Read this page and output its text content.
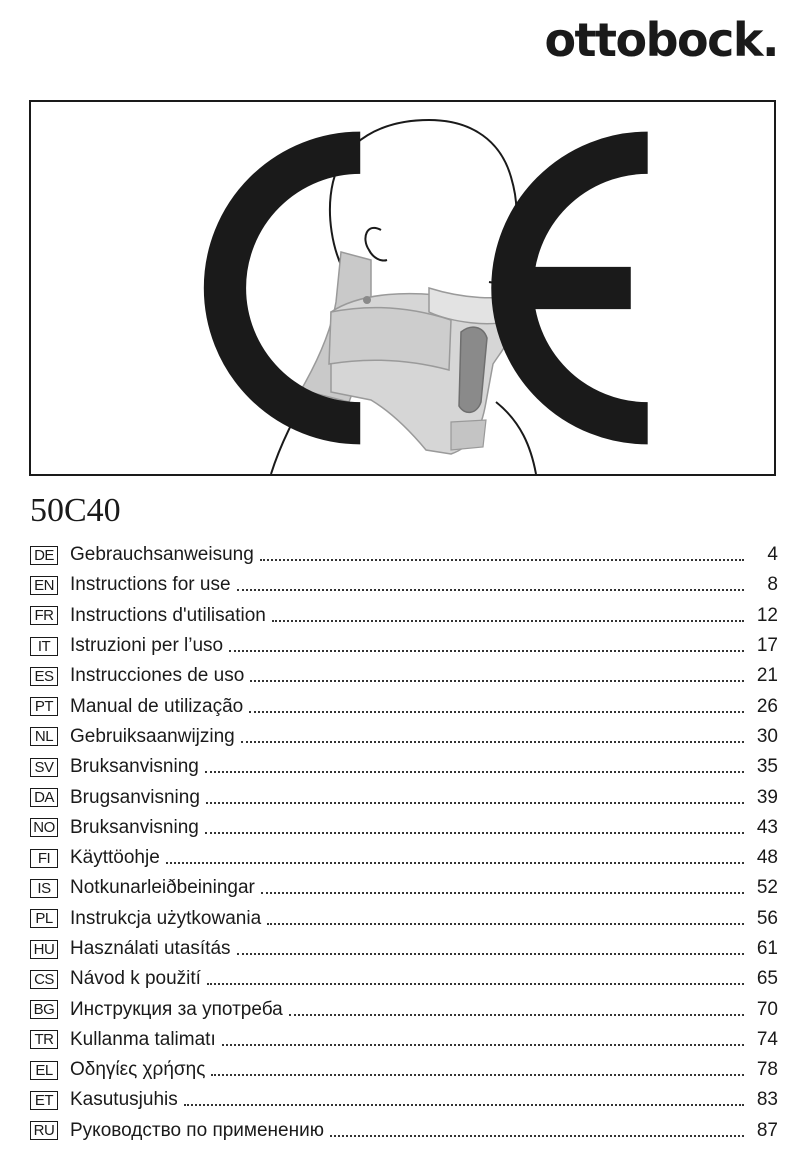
ottobock.
50C40
DE Gebrauchsanweisung	4
EN Instructions for use	8
FR Instructions d'utilisation	12
IT	Istruzioni per l’uso	17
ES Instrucciones de uso	21
PT Manual de utilização	26
NL Gebruiksaanwijzing	30
SV Bruksanvisning	35
DA Brugsanvisning	39
NO Bruksanvisning	43
FI	Käyttöohje	48
IS	Notkunarleiðbeiningar	52
PL Instrukcja użytkowania	56
HU Használati utasítás	61
CS Návod k použití	65
BG Инструкция за употреба	70
TR Kullanma talimatı	74
EL Οδηγίες χρήσης	78
ET Kasutusjuhis	83
RU Руководство по применению	87
